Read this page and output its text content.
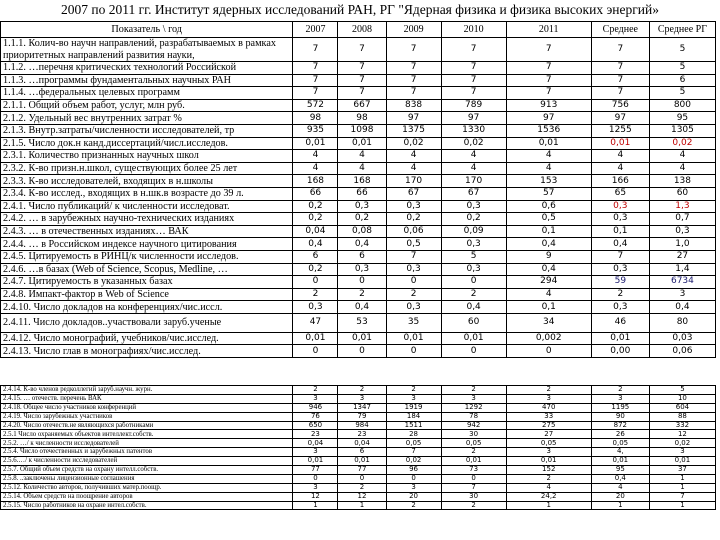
2007 по 2011 гг. Институт ядерных исследований РАН, РГ "Ядерная физика и физика высоких энергий»
Показатель \ год	2007	2008	2009	2010	2011	Среднее	Среднее РГ
1.1.1. Колич-во научн направлений, разрабатываемых в рамках приоритетных направлений развития науки,	7	7	7	7	7	7	5
1.1.2. …перечня критических технологий Российской	7	7	7	7	7	7	5
1.1.3. …программы фундаментальных научных РАН	7	7	7	7	7	7	6
1.1.4. …федеральных целевых программ	7	7	7	7	7	7	5
2.1.1. Общий объем работ, услуг, млн руб.	572	667	838	789	913	756	800
2.1.2. Удельный вес внутренних затрат %	98	98	97	97	97	97	95
2.1.3. Внутр.затраты/численности исследователей, тр	935	1098	1375	1330	1536	1255	1305
2.1.5. Число док.н канд.диссертаций/числ.исследов.	0,01	0,01	0,02	0,02	0,01	0,01	0,02
2.3.1. Количество признанных научных школ	4	4	4	4	4	4	4
2.3.2. К-во призн.н.школ, существующих более 25 лет	4	4	4	4	4	4	4
2.3.3. К-во исследователей, входящих в н.школы	168	168	170	170	153	166	138
2.3.4. К-во исслед., входящих в н.шк.в возрасте до 39 л.	66	66	67	67	57	65	60
2.4.1. Число публикаций/ к численности исследоват.	0,2	0,3	0,3	0,3	0,6	0,3	1,3
2.4.2. … в зарубежных научно-технических изданиях	0,2	0,2	0,2	0,2	0,5	0,3	0,7
2.4.3. … в отечественных изданиях… ВАК	0,04	0,08	0,06	0,09	0,1	0,1	0,3
2.4.4. … в Российском индексе научного цитирования	0,4	0,4	0,5	0,3	0,4	0,4	1,0
2.4.5. Цитируемость в РИНЦ/к численности исследов.	6	6	7	5	9	7	27
2.4.6. …в базах (Web of Science, Scopus, Medline, …	0,2	0,3	0,3	0,3	0,4	0,3	1,4
2.4.7. Цитируемость в указанных базах	0	0	0	0	294	59	6734
2.4.8. Импакт-фактор в Web of Science	2	2	2	2	4	2	3
2.4.10. Число докладов на конференциях/чис.иссл.	0,3	0,4	0,3	0,4	0,1	0,3	0,4
2.4.11. Число докладов..участвовали заруб.ученые	47	53	35	60	34	46	80
2.4.12. Число монографий, учебников/чис.исслед.	0,01	0,01	0,01	0,01	0,002	0,01	0,03
2.4.13. Число глав в монографиях/чис.исслед.	0	0	0	0	0	0,00	0,06
2.4.14. К-во членов редколлегий заруб.научн. журн.	2	2	2	2	2	2	5
2.4.15. … отечеств. перечень ВАК	3	3	3	3	3	3	10
2.4.18. Общее число участников конференций	946	1347	1919	1292	470	1195	604
2.4.19. Число зарубежных участников	76	79	184	78	33	90	88
2.4.20. Число отечеств.не являющихся работниками	650	984	1511	942	275	872	332
2.5.1 Число охраняемых объектов интеллект.собств.	23	23	28	30	27	26	12
2.5.2. …/ к численности исследователей	0,04	0,04	0,05	0,05	0,05	0,05	0,02
2.5.4. Число отечественных и зарубежных патентов	3	6	7	2	3	4,	3
2.5.6.…/ к численности исследователей	0,01	0,01	0,02	0,01	0,01	0,01	0,01
2.5.7. Общий объем средств на охрану интелл.собств.	77	77	96	73	152	95	37
2.5.8. ..заключены лицензионные соглашения	0	0	0	0	2	0,4	1
2.5.12. Количество авторов, получивших матер.поощр.	3	2	3	7	4	4	1
2.5.14. Объем средств на поощрение авторов	12	12	20	30	24,2	20	7
2.5.15. Число работников на охране интел.собств.	1	1	2	2	1	1	1
